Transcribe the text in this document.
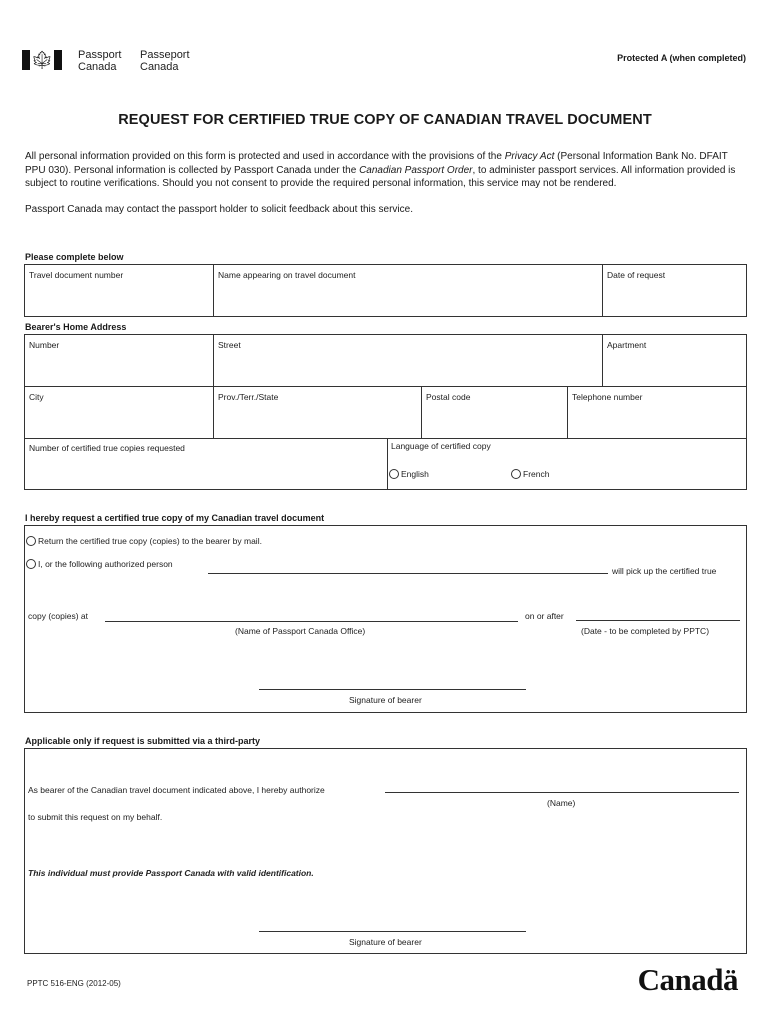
🍁︎ Passport
Canada
Passeport
Canada
Protected A (when completed)
REQUEST FOR CERTIFIED TRUE COPY OF CANADIAN TRAVEL DOCUMENT

All personal information provided on this form is protected and used in accordance with the provisions of the Privacy Act (Personal Information Bank No. DFAIT PPU 030). Personal information is collected by Passport Canada under the Canadian Passport Order, to administer passport services. All information provided is subject to routine verifications. Should you not consent to provide the required personal information, this service may not be rendered.

Passport Canada may contact the passport holder to solicit feedback about this service.

Please complete below
Travel document number	Name appearing on travel document	Date of request
Bearer's Home Address
Number	Street	Apartment
City	Prov./Terr./State	Postal code	Telephone number
Number of certified true copies requested	Language of certified copy
English	French
I hereby request a certified true copy of my Canadian travel document
Return the certified true copy (copies) to the bearer by mail.
I, or the following authorized person
will pick up the certified true
copy (copies) at	on or after
(Name of Passport Canada Office)	(Date - to be completed by PPTC)
Signature of bearer
Applicable only if request is submitted via a third-party
As bearer of the Canadian travel document indicated above, I hereby authorize
(Name)
to submit this request on my behalf.
This individual must provide Passport Canada with valid identification.
Signature of bearer
PPTC 516-ENG (2012-05)	Canadä
